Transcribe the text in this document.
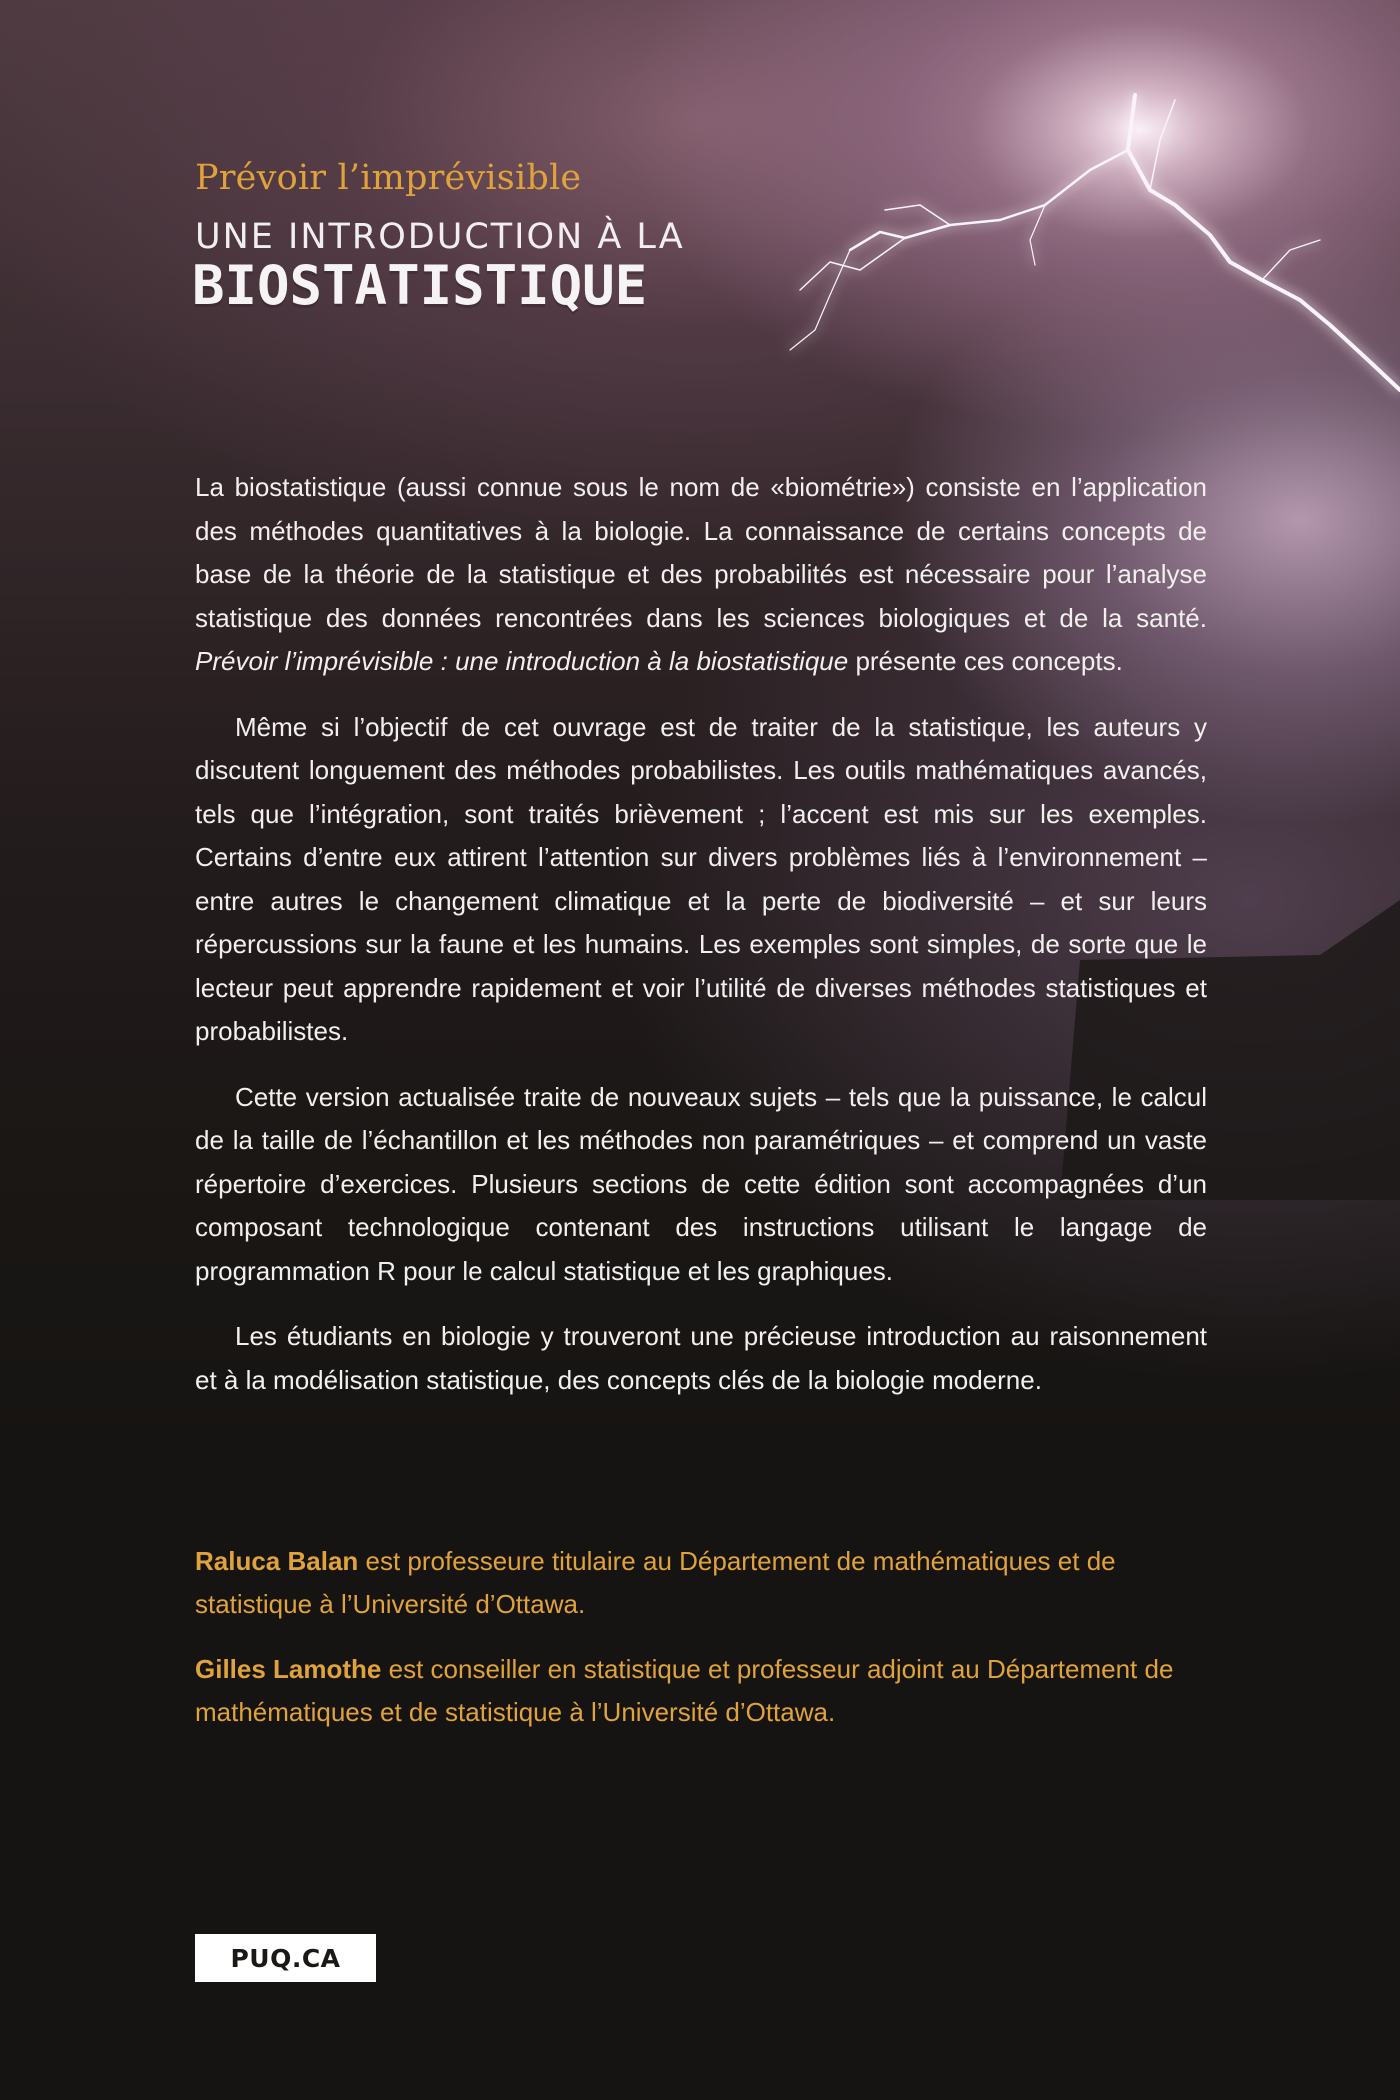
Prévoir l’imprévisible
UNE INTRODUCTION À LA
BIOSTATISTIQUE

La biostatistique (aussi connue sous le nom de «biométrie») consiste en l’application des méthodes quantitatives à la biologie. La connaissance de certains concepts de base de la théorie de la statistique et des probabilités est nécessaire pour l’analyse statistique des données rencontrées dans les sciences biologiques et de la santé. Prévoir l’imprévisible : une introduction à la biostatistique présente ces concepts.

Même si l’objectif de cet ouvrage est de traiter de la statistique, les auteurs y discutent longuement des méthodes probabilistes. Les outils mathématiques avancés, tels que l’intégration, sont traités brièvement ; l’accent est mis sur les exemples. Certains d’entre eux attirent l’attention sur divers problèmes liés à l’environnement – entre autres le changement climatique et la perte de biodiversité – et sur leurs répercussions sur la faune et les humains. Les exemples sont simples, de sorte que le lecteur peut apprendre rapidement et voir l’utilité de diverses méthodes statistiques et probabilistes.

Cette version actualisée traite de nouveaux sujets – tels que la puissance, le calcul de la taille de l’échantillon et les méthodes non paramétriques – et comprend un vaste répertoire d’exercices. Plusieurs sections de cette édition sont accompagnées d’un composant technologique contenant des instructions utilisant le langage de programmation R pour le calcul statistique et les graphiques.

Les étudiants en biologie y trouveront une précieuse introduction au raisonnement et à la modélisation statistique, des concepts clés de la biologie moderne.

Raluca Balan est professeure titulaire au Département de mathématiques et de statistique à l’Université d’Ottawa.

Gilles Lamothe est conseiller en statistique et professeur adjoint au Département de mathématiques et de statistique à l’Université d’Ottawa.

PUQ.CA
